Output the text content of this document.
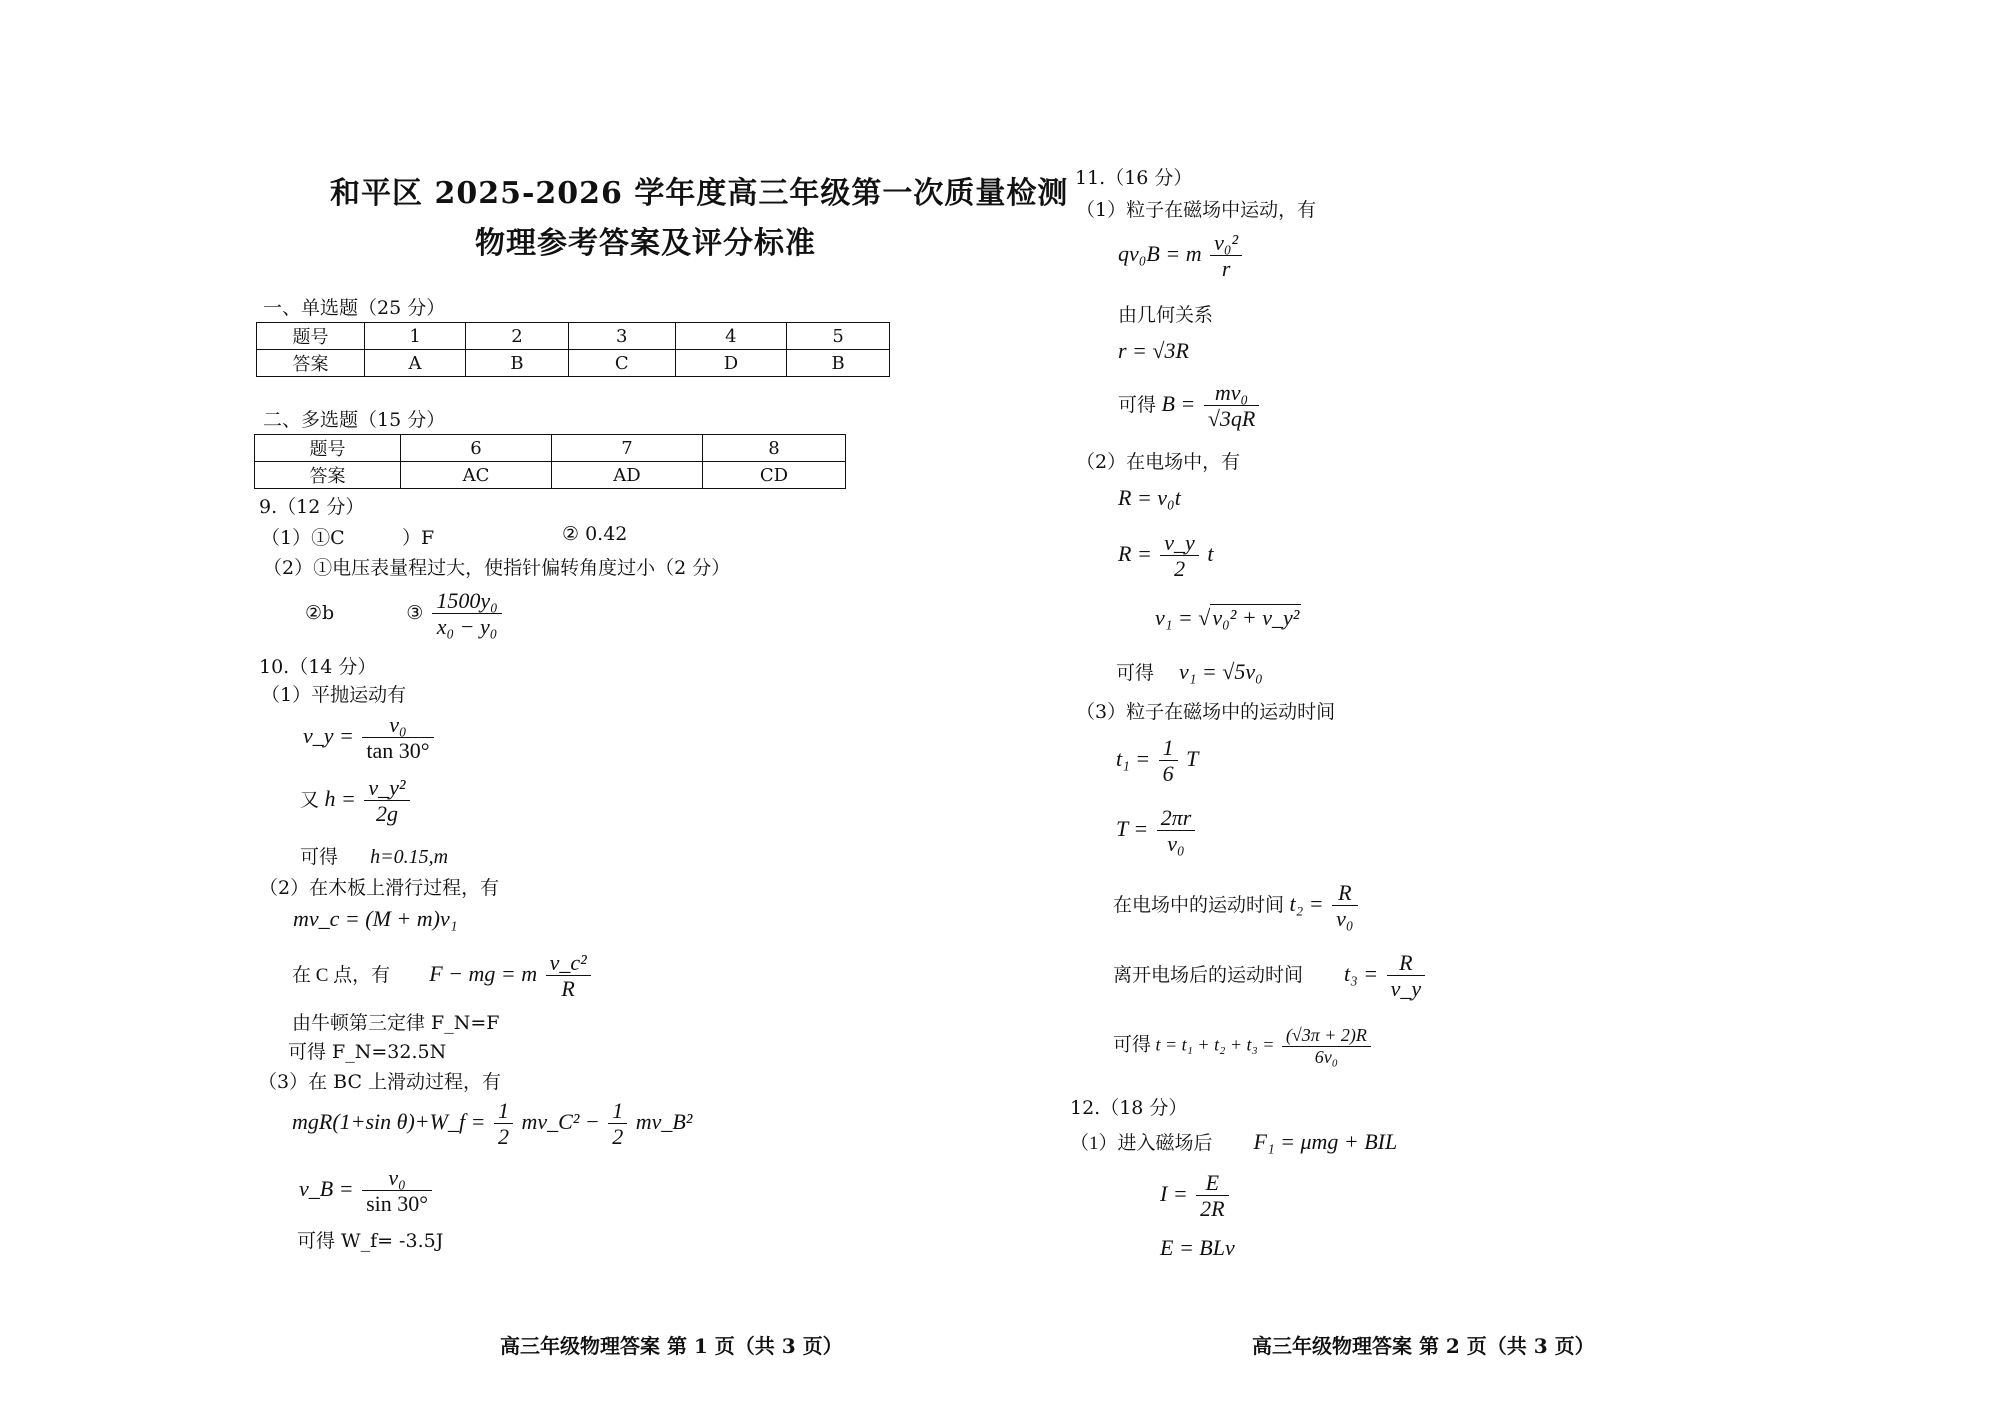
和平区 2025-2026 学年度高三年级第一次质量检测
物理参考答案及评分标准
一、单选题（25 分）
题号	1	2	3	4	5
答案	A	B	C	D	B
二、多选题（15 分）
题号	6	7	8
答案	AC	AD	CD
9.（12 分）
（1）①C	）F	② 0.42
（2）①电压表量程过大，使指针偏转角度过小（2 分）
②b	③ $\frac{\text{1500y₀}}{\text{x₀ − y₀}}$
10.（14 分）
（1）平抛运动有
v_y = $\frac{\text{v₀}}{\tan 30^\circ}$
又 $h = \frac{\text{v\_y²}}{2g}$
可得 h=0.15,m
（2）在木板上滑行过程，有
mv_c = (M + m)v₁
在 C 点，有 F − mg = m $\frac{\text{v\_c²}}{R}$
由牛顿第三定律 F_N=F
可得 F_N=32.5N
（3）在 BC 上滑动过程，有
mgR(1+sin θ)+W_f = $\frac{1}{2}$ mv_C² − $\frac{1}{2}$ mv_B²
v_B = $\frac{\text{v₀}}{\sin 30^\circ}$
可得 W_f= -3.5J
高三年级物理答案 第 1 页（共 3 页）
11.（16 分）
（1）粒子在磁场中运动，有
qv₀B = m $\frac{\text{v₀²}}{r}$
由几何关系
r = √3R
可得 $B = \frac{\text{mv₀}}{√3qR}$
（2）在电场中，有
R = v₀t
$R = \frac{v\_y}{2}$ t
v₁ = √v₀² + v_y²
可得 v₁ = √5v₀
（3）粒子在磁场中的运动时间
$t_1 = \frac{1}{6}$ T
$T = \frac{2\pi r}{\text{v₀}}$
在电场中的运动时间 $t_2 = \frac{R}{\text{v₀}}$
离开电场后的运动时间 $t_3 = \frac{R}{v\_y}$
可得 $t = t_1 + t_2 + t_3 = \frac{(√3\pi + 2)R}{\text{6v₀}}$
12.（18 分）
（1）进入磁场后 F₁ = μmg + BIL
$I = \frac{E}{2R}$
E = BLv
高三年级物理答案 第 2 页（共 3 页）
